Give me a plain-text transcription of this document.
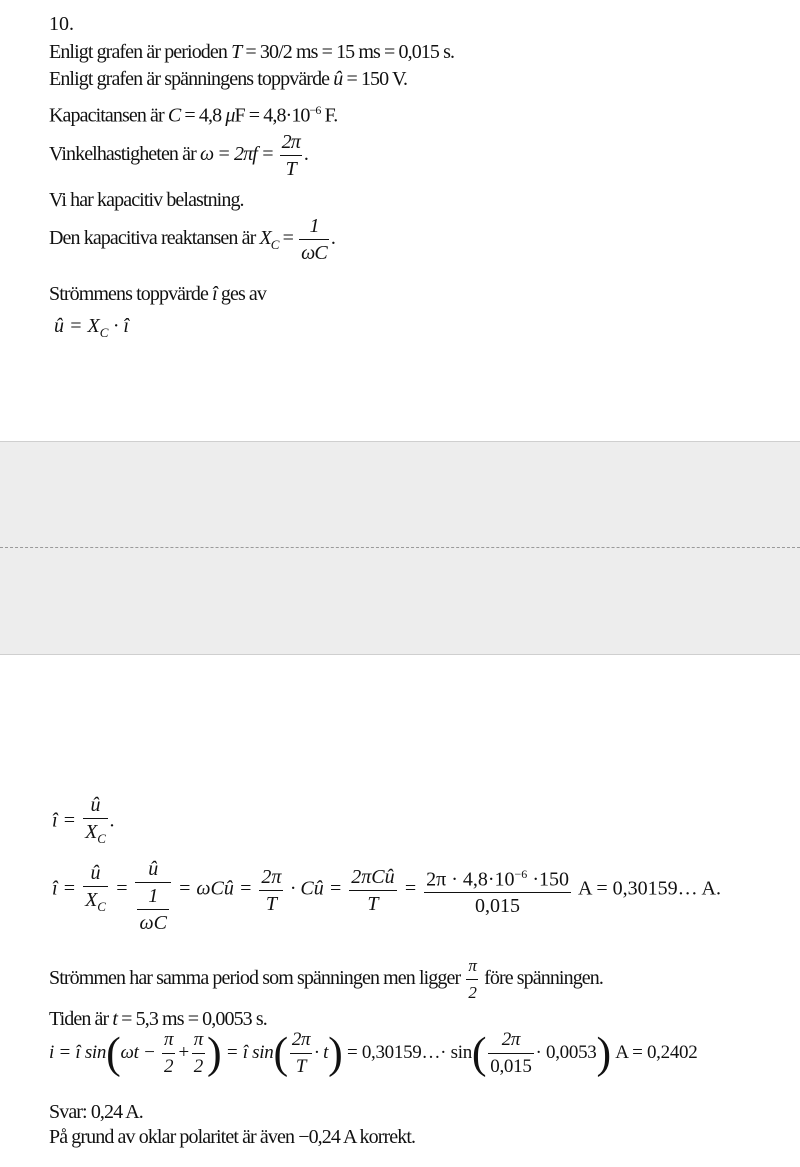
10.
Enligt grafen är perioden T = 30/2 ms = 15 ms = 0,015 s.
Enligt grafen är spänningens toppvärde û = 150 V.
Kapacitansen är C = 4,8 $\mu F = 4,8\cdot 10^{-6}$ F.
Vinkelhastigheten är $\omega = 2\pi f = \frac{2\pi}{T}$ .
Vi har kapacitiv belastning.
Den kapacitiva reaktansen är $X_C = \frac{1}{\omega C}$ .
Strömmens toppvärde î ges av
û = $X_C$ · î
î = $\frac{û}{X_C}$ .
î = $\frac{û}{X_C} = \frac{û}{\frac{1}{\omega C}}$ = ωCû = $\frac{2\pi}{T}$ · Cû = $\frac{\text{2πCû}}{T} = \frac{2\pi \cdot 4,8\cdot 10^{-6} \cdot 150}{0,015}$ A = 0,30159… A.
Strömmen har samma period som spänningen men ligger $\frac{\pi}{2}$ före spänningen.
Tiden är t = 5,3 ms = 0,0053 s.
i = î $\sin(\omega t - \frac{\pi}{2} + \frac{\pi}{2}$ ) = î $\sin( \frac{2\pi}{T} \cdot t)$ = 0,30159…· $\sin( \frac{2\pi}{0,015} \cdot 0,0053)$ A = 0,2402
Svar: 0,24 A.
På grund av oklar polaritet är även −0,24 A korrekt.
